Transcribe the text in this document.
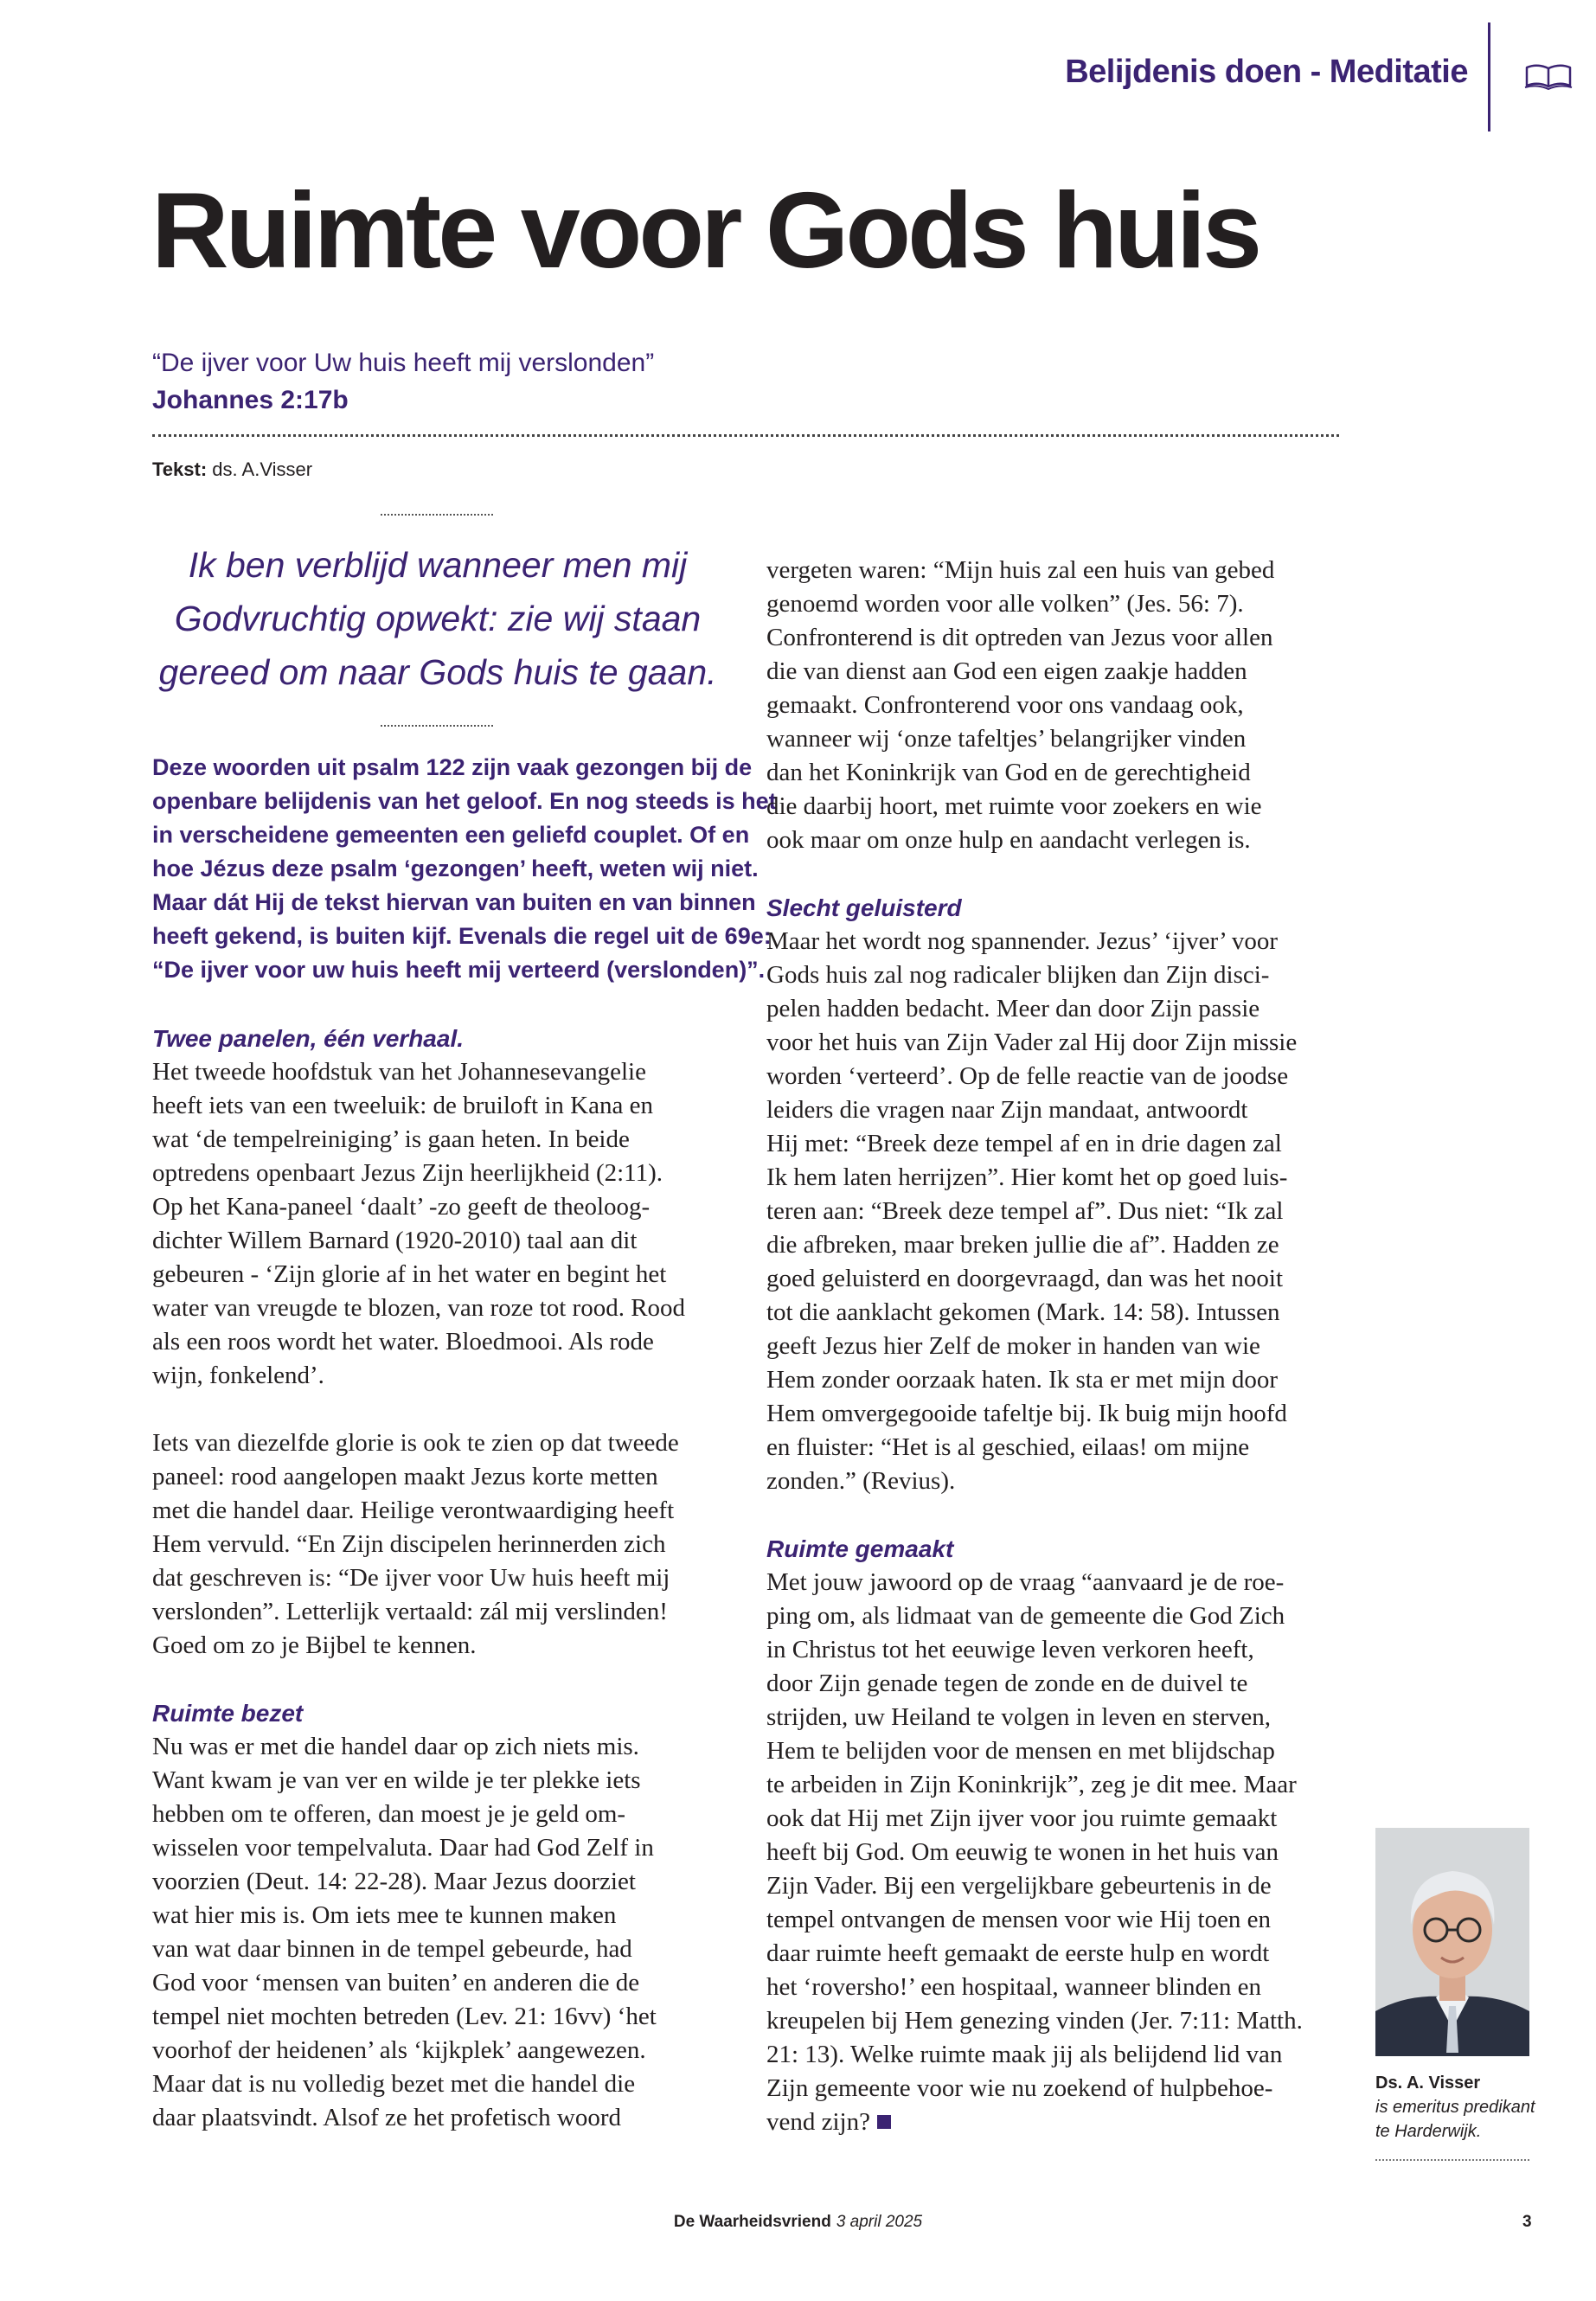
Belijdenis doen - Meditatie
Ruimte voor Gods huis
“De ijver voor Uw huis heeft mij verslonden”
Johannes 2:17b
Tekst: ds. A.Visser
Ik ben verblijd wanneer men mij
Godvruchtig opwekt: zie wij staan
gereed om naar Gods huis te gaan.
Deze woorden uit psalm 122 zijn vaak gezongen bij de
openbare belijdenis van het geloof. En nog steeds is het
in verscheidene gemeenten een geliefd couplet. Of en
hoe Jézus deze psalm ‘gezongen’ heeft, weten wij niet.
Maar dát Hij de tekst hiervan van buiten en van binnen
heeft gekend, is buiten kijf. Evenals die regel uit de 69e:
“De ijver voor uw huis heeft mij verteerd (verslonden)”.
Twee panelen, één verhaal.
Het tweede hoofdstuk van het Johannesevangelie
heeft iets van een tweeluik: de bruiloft in Kana en
wat ‘de tempelreiniging’ is gaan heten. In beide
optredens openbaart Jezus Zijn heerlijkheid (2:11).
Op het Kana-paneel ‘daalt’ -zo geeft de theoloog-
dichter Willem Barnard (1920-2010) taal aan dit
gebeuren - ‘Zijn glorie af in het water en begint het
water van vreugde te blozen, van roze tot rood. Rood
als een roos wordt het water. Bloedmooi. Als rode
wijn, fonkelend’.
Iets van diezelfde glorie is ook te zien op dat tweede
paneel: rood aangelopen maakt Jezus korte metten
met die handel daar. Heilige verontwaardiging heeft
Hem vervuld. “En Zijn discipelen herinnerden zich
dat geschreven is: “De ijver voor Uw huis heeft mij
verslonden”. Letterlijk vertaald: zál mij verslinden!
Goed om zo je Bijbel te kennen.
Ruimte bezet
Nu was er met die handel daar op zich niets mis.
Want kwam je van ver en wilde je ter plekke iets
hebben om te offeren, dan moest je je geld om-
wisselen voor tempelvaluta. Daar had God Zelf in
voorzien (Deut. 14: 22-28). Maar Jezus doorziet
wat hier mis is. Om iets mee te kunnen maken
van wat daar binnen in de tempel gebeurde, had
God voor ‘mensen van buiten’ en anderen die de
tempel niet mochten betreden (Lev. 21: 16vv) ‘het
voorhof der heidenen’ als ‘kijkplek’ aangewezen.
Maar dat is nu volledig bezet met die handel die
daar plaatsvindt. Alsof ze het profetisch woord
vergeten waren: “Mijn huis zal een huis van gebed
genoemd worden voor alle volken” (Jes. 56: 7).
Confronterend is dit optreden van Jezus voor allen
die van dienst aan God een eigen zaakje hadden
gemaakt. Confronterend voor ons vandaag ook,
wanneer wij ‘onze tafeltjes’ belangrijker vinden
dan het Koninkrijk van God en de gerechtigheid
die daarbij hoort, met ruimte voor zoekers en wie
ook maar om onze hulp en aandacht verlegen is.
Slecht geluisterd
Maar het wordt nog spannender. Jezus’ ‘ijver’ voor
Gods huis zal nog radicaler blijken dan Zijn disci-
pelen hadden bedacht. Meer dan door Zijn passie
voor het huis van Zijn Vader zal Hij door Zijn missie
worden ‘verteerd’. Op de felle reactie van de joodse
leiders die vragen naar Zijn mandaat, antwoordt
Hij met: “Breek deze tempel af en in drie dagen zal
Ik hem laten herrijzen”. Hier komt het op goed luis-
teren aan: “Breek deze tempel af”. Dus niet: “Ik zal
die afbreken, maar breken jullie die af”. Hadden ze
goed geluisterd en doorgevraagd, dan was het nooit
tot die aanklacht gekomen (Mark. 14: 58). Intussen
geeft Jezus hier Zelf de moker in handen van wie
Hem zonder oorzaak haten. Ik sta er met mijn door
Hem omvergegooide tafeltje bij. Ik buig mijn hoofd
en fluister: “Het is al geschied, eilaas! om mijne
zonden.” (Revius).
Ruimte gemaakt
Met jouw jawoord op de vraag “aanvaard je de roe-
ping om, als lidmaat van de gemeente die God Zich
in Christus tot het eeuwige leven verkoren heeft,
door Zijn genade tegen de zonde en de duivel te
strijden, uw Heiland te volgen in leven en sterven,
Hem te belijden voor de mensen en met blijdschap
te arbeiden in Zijn Koninkrijk”, zeg je dit mee. Maar
ook dat Hij met Zijn ijver voor jou ruimte gemaakt
heeft bij God. Om eeuwig te wonen in het huis van
Zijn Vader. Bij een vergelijkbare gebeurtenis in de
tempel ontvangen de mensen voor wie Hij toen en
daar ruimte heeft gemaakt de eerste hulp en wordt
het ‘roversho!’ een hospitaal, wanneer blinden en
kreupelen bij Hem genezing vinden (Jer. 7:11: Matth.
21: 13). Welke ruimte maak jij als belijdend lid van
Zijn gemeente voor wie nu zoekend of hulpbehoe-
vend zijn?
Ds. A. Visser
is emeritus predikant
te Harderwijk.
De Waarheidsvriend 3 april 2025	3
